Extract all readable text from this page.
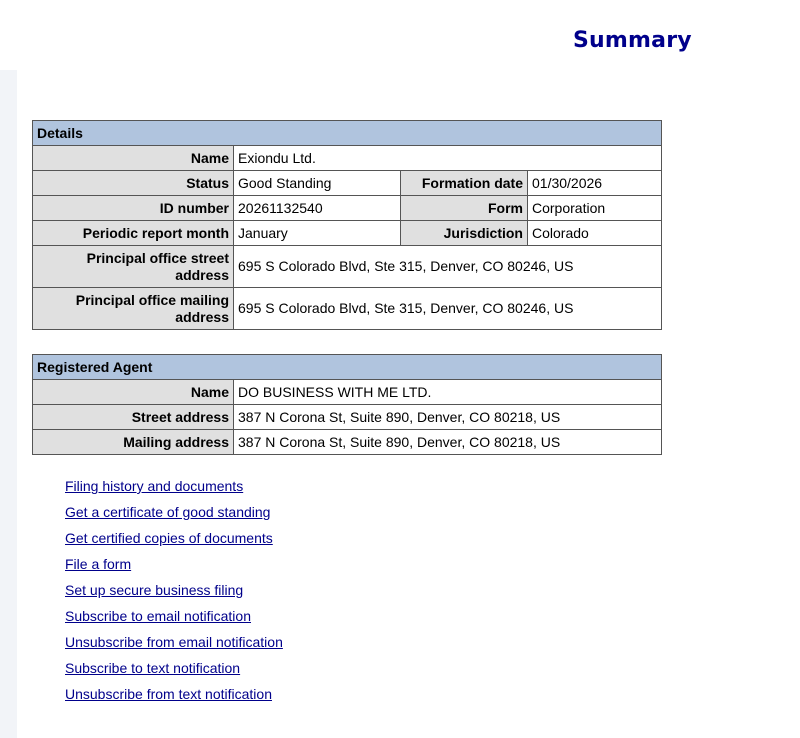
Summary
Details			
Name	Exiondu Ltd.		
Status	Good Standing	Formation date	01/30/2026
ID number	20261132540	Form	Corporation
Periodic report month	January	Jurisdiction	Colorado
Principal office street address	695 S Colorado Blvd, Ste 315, Denver, CO 80246, US		
Principal office mailing address	695 S Colorado Blvd, Ste 315, Denver, CO 80246, US		
Registered Agent	
Name	DO BUSINESS WITH ME LTD.
Street address	387 N Corona St, Suite 890, Denver, CO 80218, US
Mailing address	387 N Corona St, Suite 890, Denver, CO 80218, US
Filing history and documents
Get a certificate of good standing
Get certified copies of documents
File a form
Set up secure business filing
Subscribe to email notification
Unsubscribe from email notification
Subscribe to text notification
Unsubscribe from text notification
